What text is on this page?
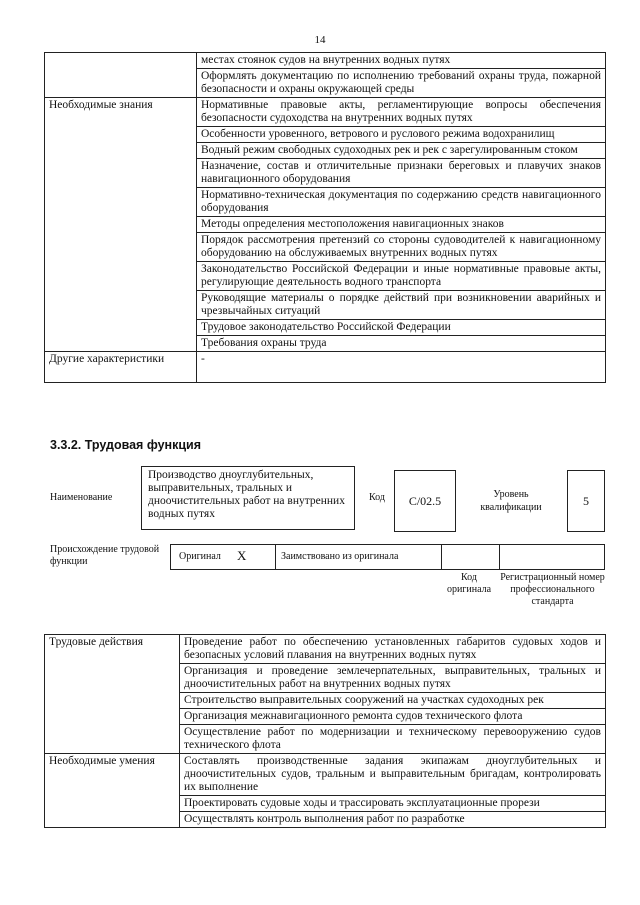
14
	местах стоянок судов на внутренних водных путях
	Оформлять документацию по исполнению требований охраны труда, пожарной безопасности и охраны окружающей среды
Необходимые знания	Нормативные правовые акты, регламентирующие вопросы обеспечения безопасности судоходства на внутренних водных путях
	Особенности уровенного, ветрового и руслового режима водохранилищ
	Водный режим свободных судоходных рек и рек с зарегулированным стоком
	Назначение, состав и отличительные признаки береговых и плавучих знаков навигационного оборудования
	Нормативно-техническая документация по содержанию средств навигационного оборудования
	Методы определения местоположения навигационных знаков
	Порядок рассмотрения претензий со стороны судоводителей к навигационному оборудованию на обслуживаемых внутренних водных путях
	Законодательство Российской Федерации и иные нормативные правовые акты, регулирующие деятельность водного транспорта
	Руководящие материалы о порядке действий при возникновении аварийных и чрезвычайных ситуаций
	Трудовое законодательство Российской Федерации
	Требования охраны труда
Другие характеристики	-
3.3.2. Трудовая функция
Наименование
Производство дноуглубительных, выправительных, тральных и дноочистительных работ на внутренних водных путях
Код	С/02.5	Уровень квалификации	5
Происхождение трудовой функции	Оригинал X	Заимствовано из оригинала
Код оригинала
Регистрационный номер профессионального стандарта
Трудовые действия	Проведение работ по обеспечению установленных габаритов судовых ходов и безопасных условий плавания на внутренних водных путях
	Организация и проведение землечерпательных, выправительных, тральных и дноочистительных работ на внутренних водных путях
	Строительство выправительных сооружений на участках судоходных рек
	Организация межнавигационного ремонта судов технического флота
	Осуществление работ по модернизации и техническому перевооружению судов технического флота
Необходимые умения	Составлять производственные задания экипажам дноуглубительных и дноочистительных судов, тральным и выправительным бригадам, контролировать их выполнение
	Проектировать судовые ходы и трассировать эксплуатационные прорези
	Осуществлять контроль выполнения работ по разработке
